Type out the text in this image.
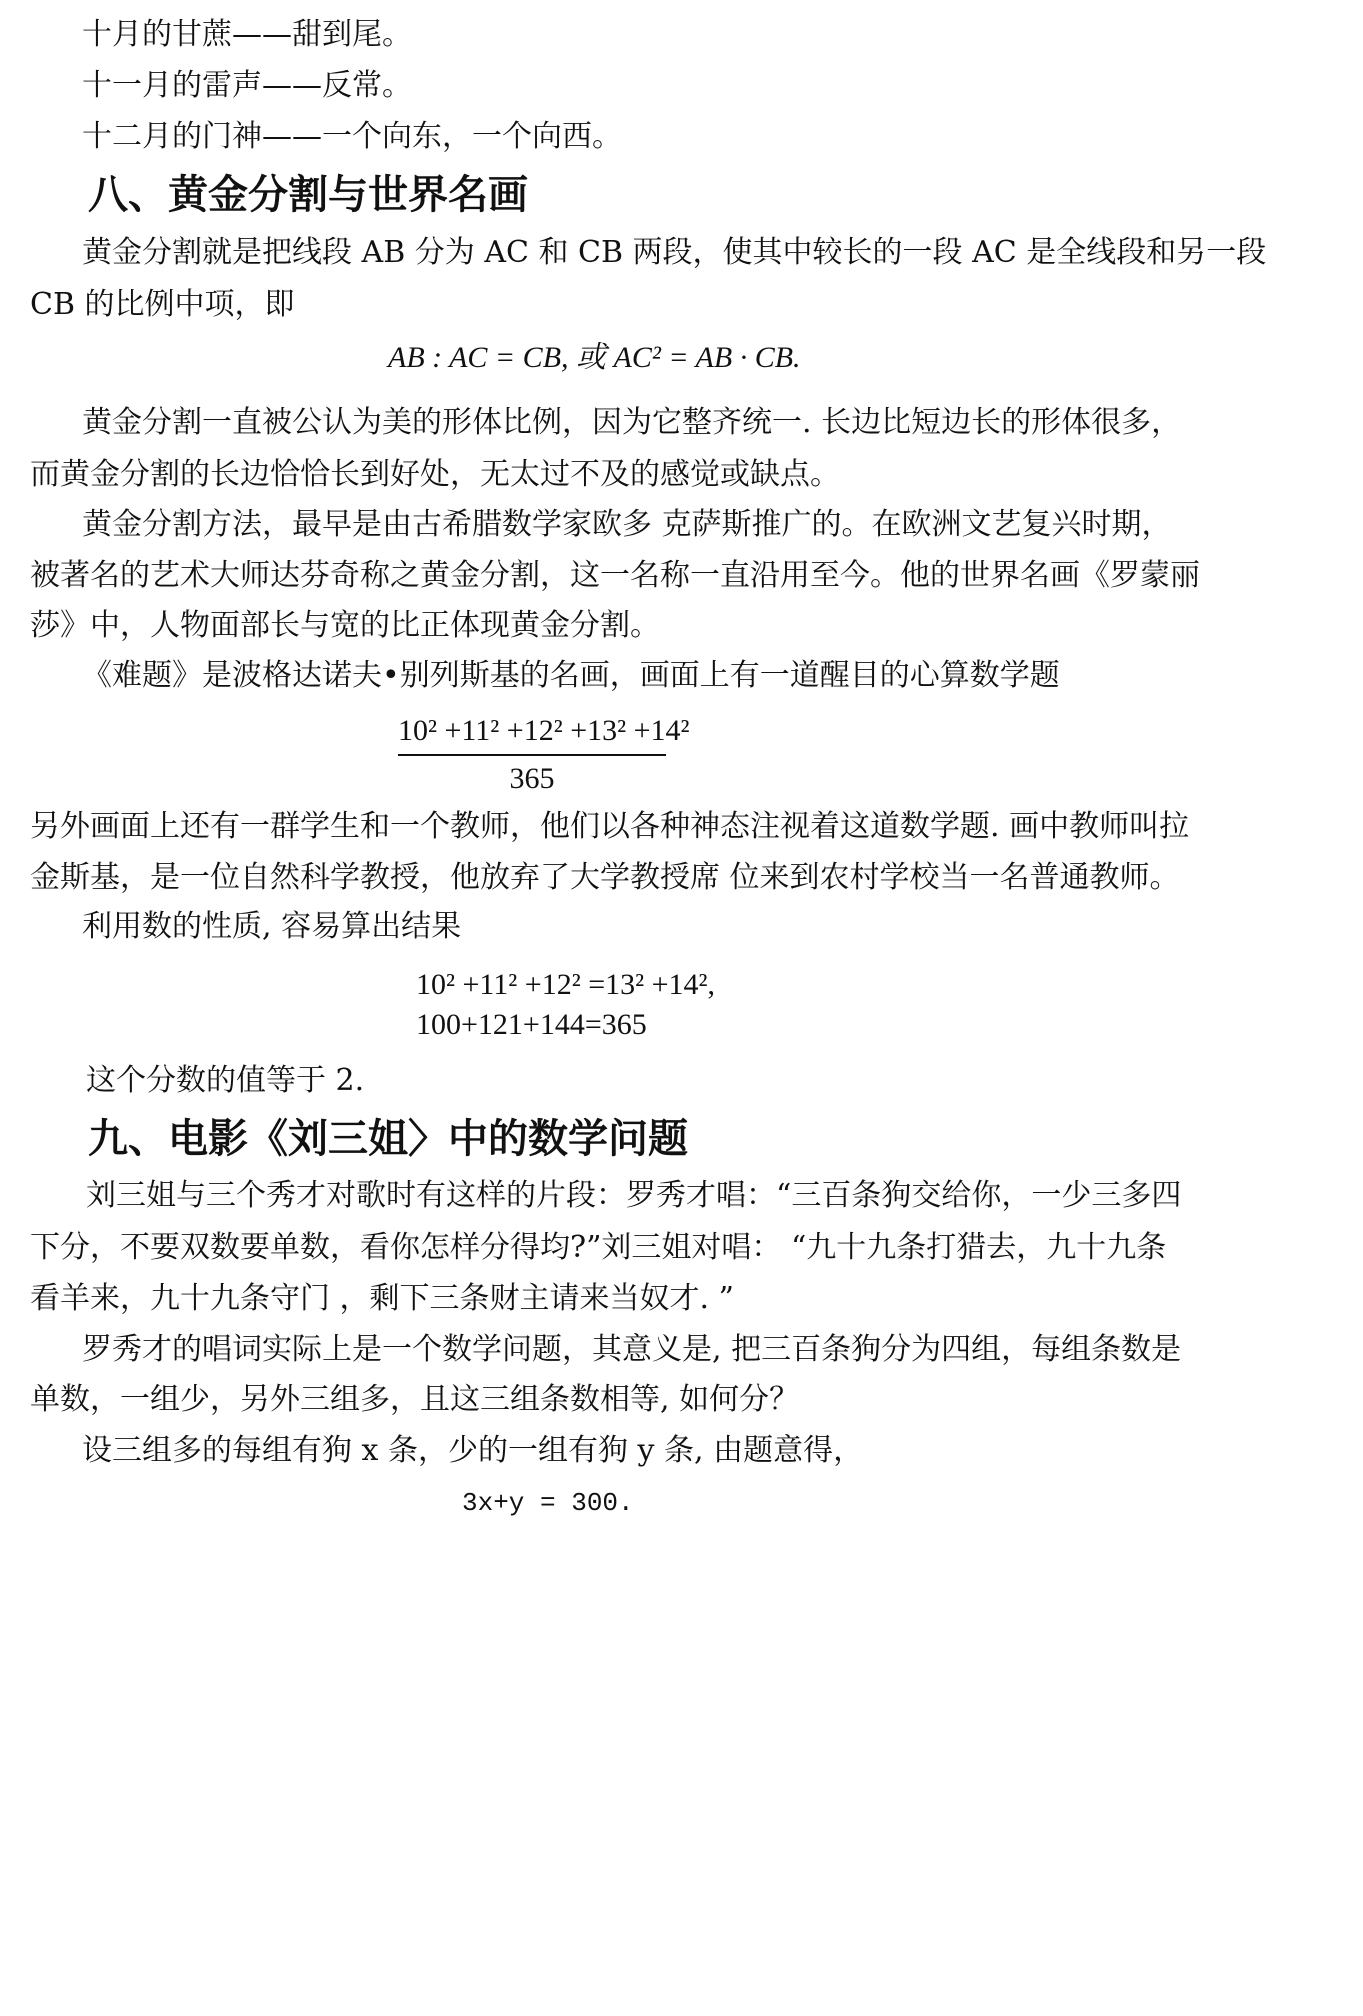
十月的甘蔗——甜到尾。
十一月的雷声——反常。
十二月的门神——一个向东，一个向西。
八、黄金分割与世界名画
黄金分割就是把线段 AB 分为 AC 和 CB 两段，使其中较长的一段 AC 是全线段和另一段
CB 的比例中项，即
AB : AC = CB, 或 AC² = AB · CB.
黄金分割一直被公认为美的形体比例，因为它整齐统一. 长边比短边长的形体很多，
而黄金分割的长边恰恰长到好处，无太过不及的感觉或缺点。
黄金分割方法，最早是由古希腊数学家欧多 克萨斯推广的。在欧洲文艺复兴时期，
被著名的艺术大师达芬奇称之黄金分割，这一名称一直沿用至今。他的世界名画《罗蒙丽
莎》中，人物面部长与宽的比正体现黄金分割。
《难题》是波格达诺夫•别列斯基的名画，画面上有一道醒目的心算数学题
10² +11² +12² +13² +14²
365
另外画面上还有一群学生和一个教师，他们以各种神态注视着这道数学题. 画中教师叫拉
金斯基，是一位自然科学教授，他放弃了大学教授席 位来到农村学校当一名普通教师。
利用数的性质, 容易算出结果
10² +11² +12² =13² +14²,
100+121+144=365
这个分数的值等于 2.
九、电影《刘三姐〉中的数学问题
刘三姐与三个秀才对歌时有这样的片段：罗秀才唱：“三百条狗交给你，一少三多四
下分，不要双数要单数，看你怎样分得均?”刘三姐对唱： “九十九条打猎去，九十九条
看羊来，九十九条守门 ，剩下三条财主请来当奴才. ”
罗秀才的唱词实际上是一个数学问题，其意义是, 把三百条狗分为四组，每组条数是
单数，一组少，另外三组多，且这三组条数相等, 如何分？
设三组多的每组有狗 x 条，少的一组有狗 y 条, 由题意得，
3x+y = 300.
